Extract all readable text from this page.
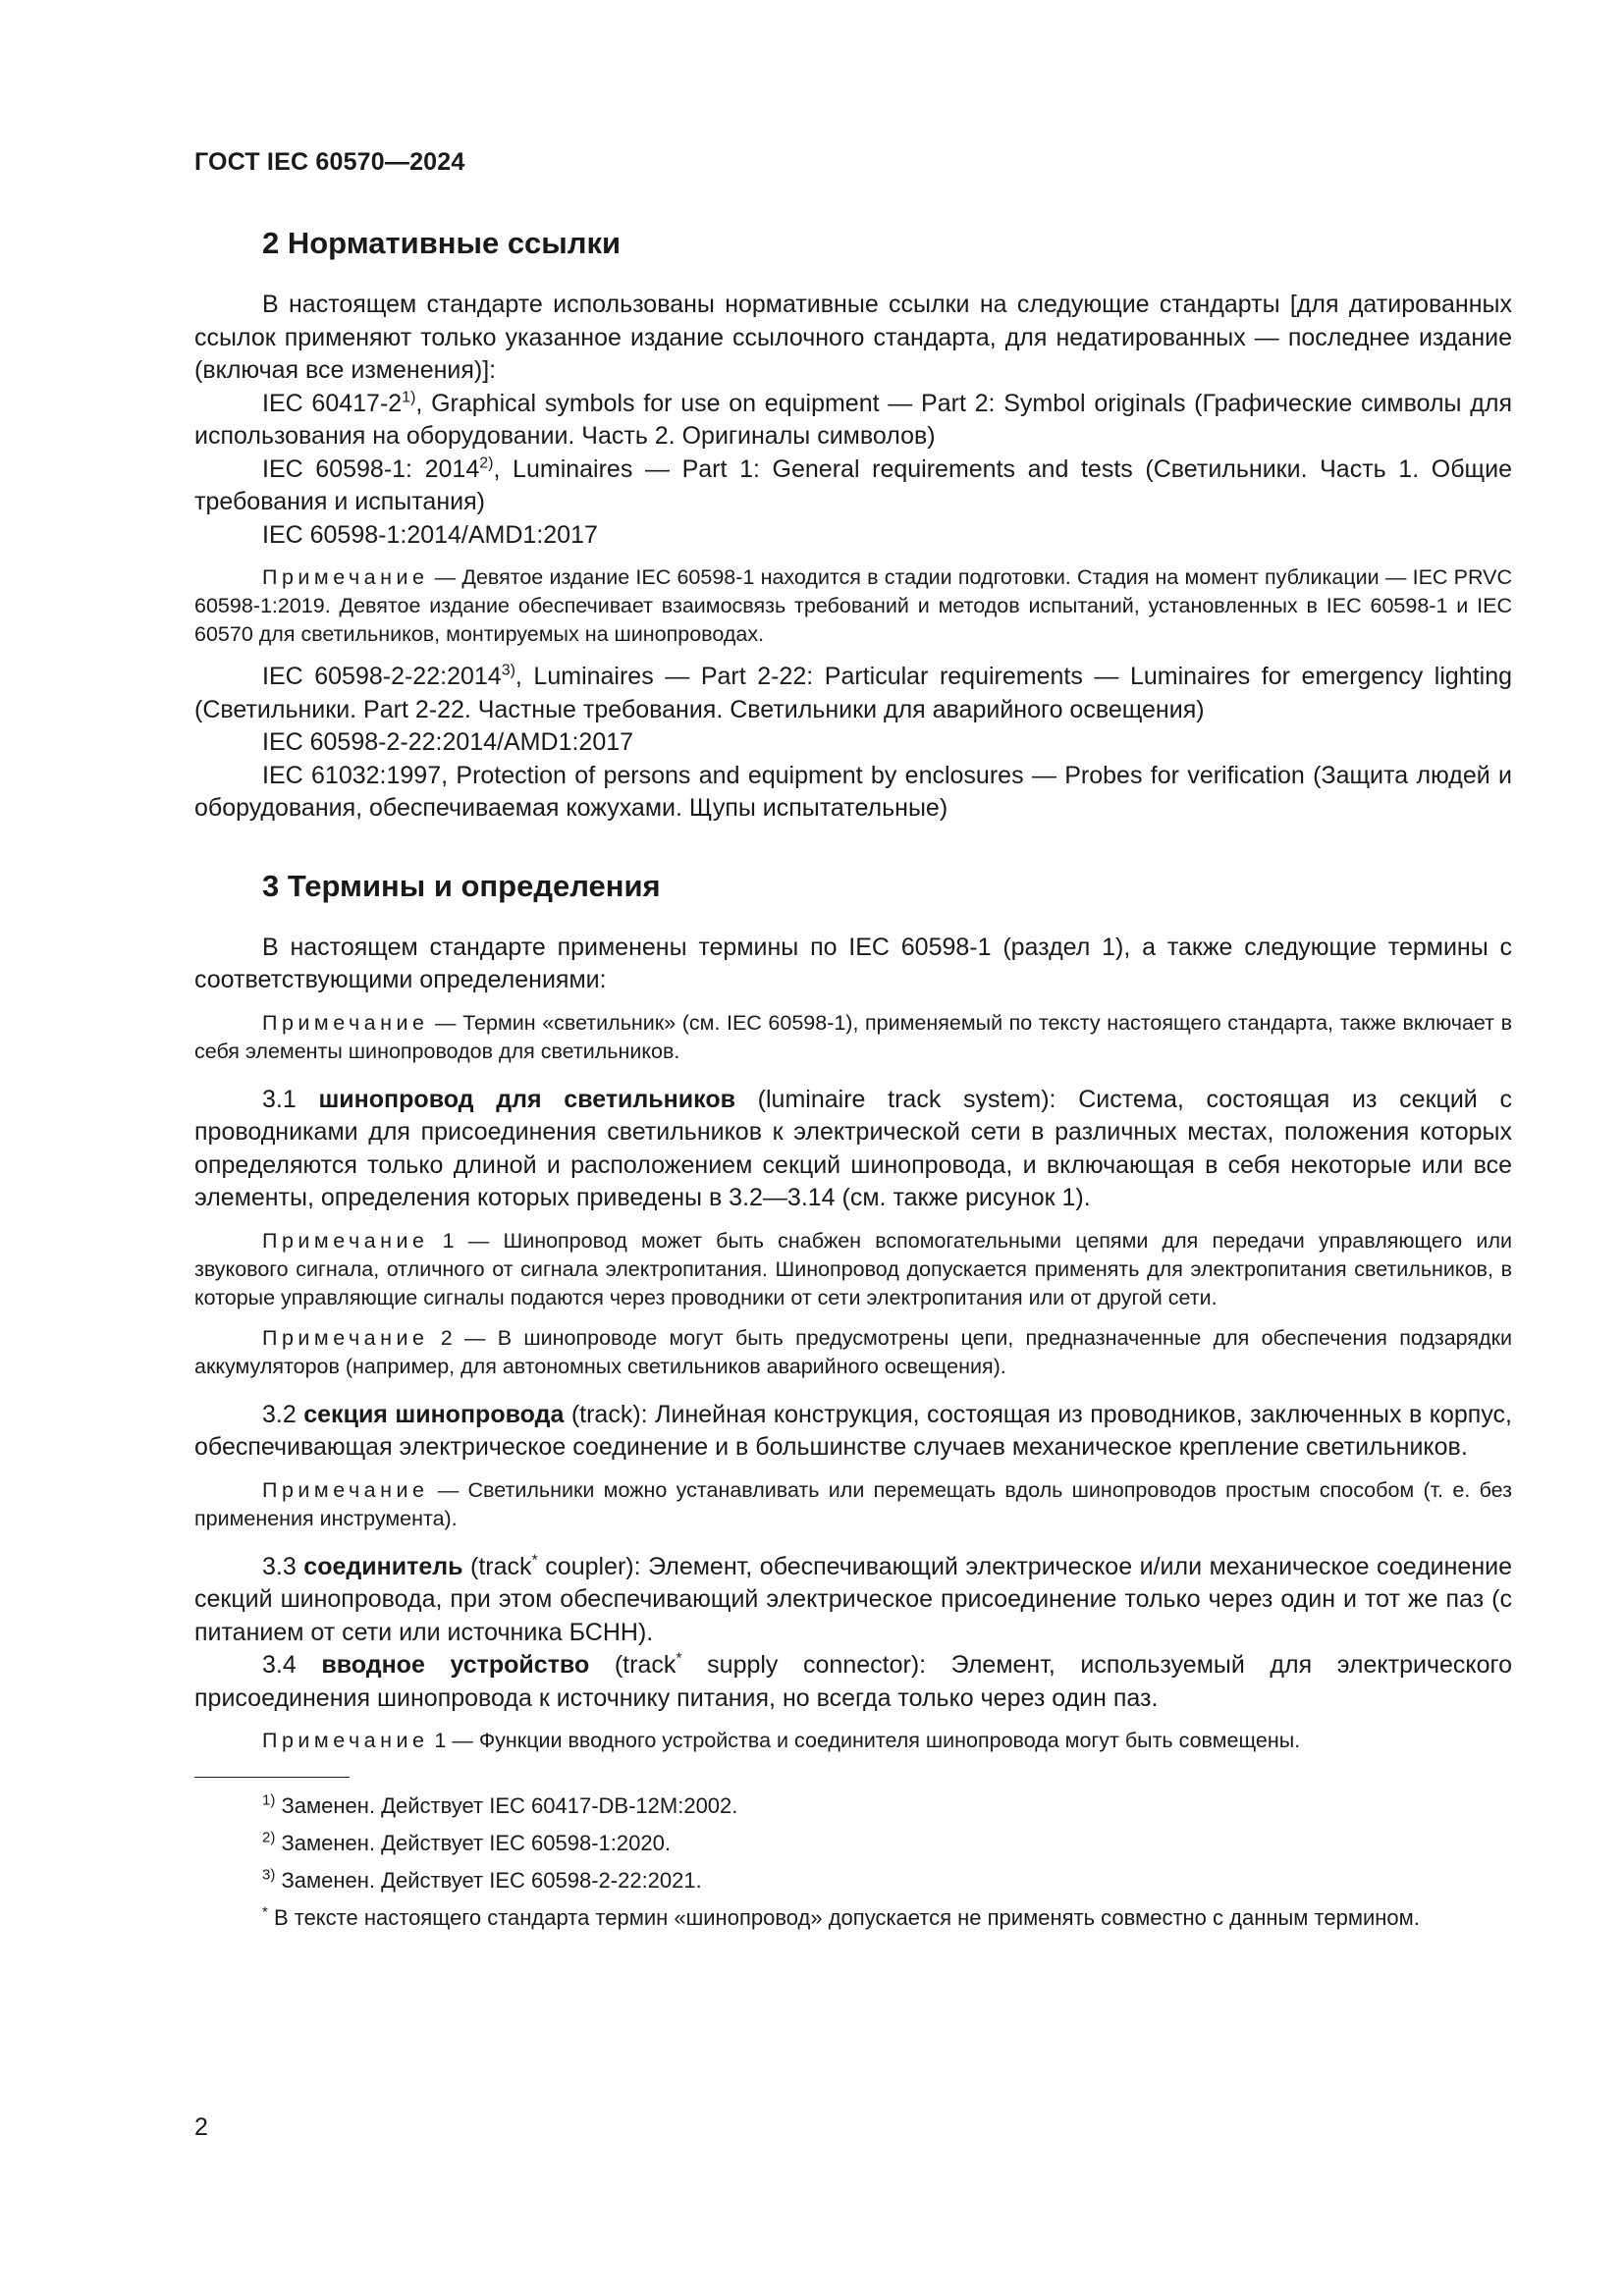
ГОСТ IEC 60570—2024
2 Нормативные ссылки

В настоящем стандарте использованы нормативные ссылки на следующие стандарты [для датированных ссылок применяют только указанное издание ссылочного стандарта, для недатированных — последнее издание (включая все изменения)]:

IEC 60417-2$^{1)}$, Graphical symbols for use on equipment — Part 2: Symbol originals (Графические символы для использования на оборудовании. Часть 2. Оригиналы символов)

IEC 60598-1: 2014$^{2)}$, Luminaires — Part 1: General requirements and tests (Светильники. Часть 1. Общие требования и испытания)

IEC 60598-1:2014/AMD1:2017

Примечание — Девятое издание IEC 60598-1 находится в стадии подготовки. Стадия на момент публикации — IEC PRVC 60598-1:2019. Девятое издание обеспечивает взаимосвязь требований и методов испытаний, установленных в IEC 60598-1 и IEC 60570 для светильников, монтируемых на шинопроводах.

IEC 60598-2-22:2014$^{3)}$, Luminaires — Part 2-22: Particular requirements — Luminaires for emergency lighting (Светильники. Part 2-22. Частные требования. Светильники для аварийного освещения)

IEC 60598-2-22:2014/AMD1:2017

IEC 61032:1997, Protection of persons and equipment by enclosures — Probes for verification (Защита людей и оборудования, обеспечиваемая кожухами. Щупы испытательные)

3 Термины и определения

В настоящем стандарте применены термины по IEC 60598-1 (раздел 1), а также следующие термины с соответствующими определениями:

Примечание — Термин «светильник» (см. IEC 60598-1), применяемый по тексту настоящего стандарта, также включает в себя элементы шинопроводов для светильников.

3.1 шинопровод для светильников (luminaire track system): Система, состоящая из секций с проводниками для присоединения светильников к электрической сети в различных местах, положения которых определяются только длиной и расположением секций шинопровода, и включающая в себя некоторые или все элементы, определения которых приведены в 3.2—3.14 (см. также рисунок 1).

Примечание 1 — Шинопровод может быть снабжен вспомогательными цепями для передачи управляющего или звукового сигнала, отличного от сигнала электропитания. Шинопровод допускается применять для электропитания светильников, в которые управляющие сигналы подаются через проводники от сети электропитания или от другой сети.

Примечание 2 — В шинопроводе могут быть предусмотрены цепи, предназначенные для обеспечения подзарядки аккумуляторов (например, для автономных светильников аварийного освещения).

3.2 секция шинопровода (track): Линейная конструкция, состоящая из проводников, заключенных в корпус, обеспечивающая электрическое соединение и в большинстве случаев механическое крепление светильников.

Примечание — Светильники можно устанавливать или перемещать вдоль шинопроводов простым способом (т. е. без применения инструмента).

3.3 соединитель (track* coupler): Элемент, обеспечивающий электрическое и/или механическое соединение секций шинопровода, при этом обеспечивающий электрическое присоединение только через один и тот же паз (с питанием от сети или источника БСНН).

3.4 вводное устройство (track* supply connector): Элемент, используемый для электрического присоединения шинопровода к источнику питания, но всегда только через один паз.

Примечание 1 — Функции вводного устройства и соединителя шинопровода могут быть совмещены.

$^{1)}$ Заменен. Действует IEC 60417-DB-12M:2002.

$^{2)}$ Заменен. Действует IEC 60598-1:2020.

$^{3)}$ Заменен. Действует IEC 60598-2-22:2021.

* В тексте настоящего стандарта термин «шинопровод» допускается не применять совместно с данным термином.

2
